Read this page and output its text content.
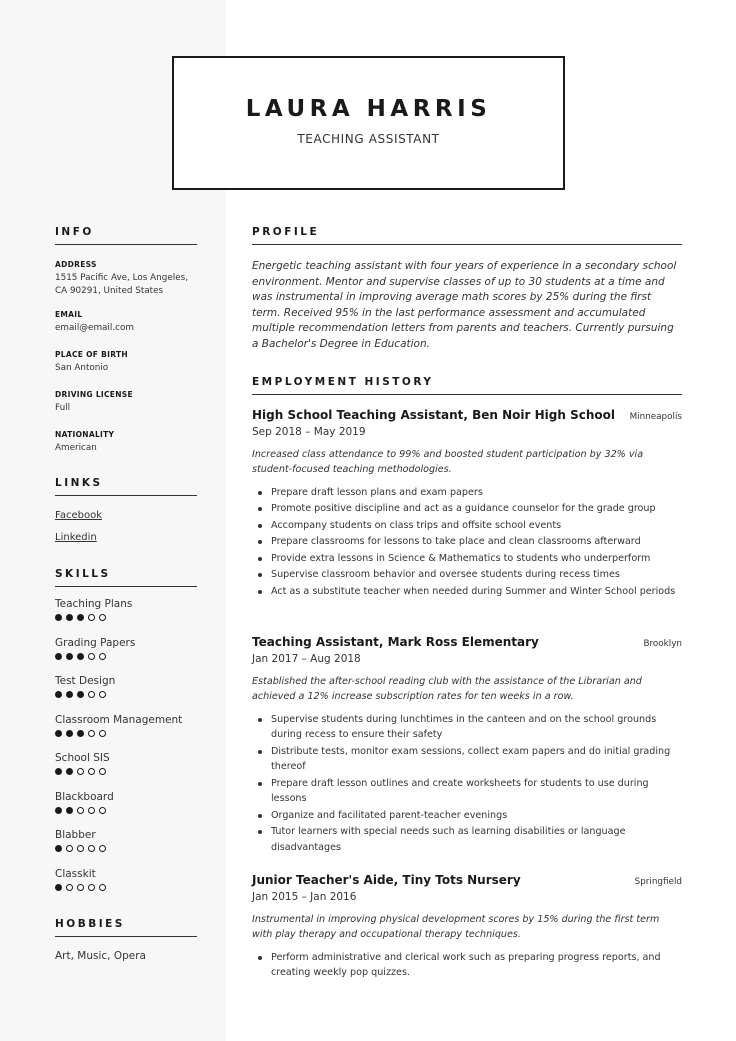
LAURA HARRIS
TEACHING ASSISTANT
INFO
ADDRESS
1515 Pacific Ave, Los Angeles, CA 90291, United States
EMAIL
email@email.com
PLACE OF BIRTH
San Antonio
DRIVING LICENSE
Full
NATIONALITY
American
LINKS
Facebook
Linkedin
SKILLS
Teaching Plans
Grading Papers
Test Design
Classroom Management
School SIS
Blackboard
Blabber
Classkit
HOBBIES
Art, Music, Opera
PROFILE
Energetic teaching assistant with four years of experience in a secondary school environment. Mentor and supervise classes of up to 30 students at a time and was instrumental in improving average math scores by 25% during the first term. Received 95% in the last performance assessment and accumulated multiple recommendation letters from parents and teachers. Currently pursuing a Bachelor's Degree in Education.
EMPLOYMENT HISTORY
High School Teaching Assistant, Ben Noir High School Minneapolis
Sep 2018 – May 2019
Increased class attendance to 99% and boosted student participation by 32% via student-focused teaching methodologies.
Prepare draft lesson plans and exam papers
Promote positive discipline and act as a guidance counselor for the grade group
Accompany students on class trips and offsite school events
Prepare classrooms for lessons to take place and clean classrooms afterward
Provide extra lessons in Science & Mathematics to students who underperform
Supervise classroom behavior and oversee students during recess times
Act as a substitute teacher when needed during Summer and Winter School periods
Teaching Assistant, Mark Ross Elementary	Brooklyn
Jan 2017 – Aug 2018
Established the after-school reading club with the assistance of the Librarian and achieved a 12% increase subscription rates for ten weeks in a row.
Supervise students during lunchtimes in the canteen and on the school grounds during recess to ensure their safety
Distribute tests, monitor exam sessions, collect exam papers and do initial grading thereof
Prepare draft lesson outlines and create worksheets for students to use during lessons
Organize and facilitated parent-teacher evenings
Tutor learners with special needs such as learning disabilities or language disadvantages
Junior Teacher's Aide, Tiny Tots Nursery	Springfield
Jan 2015 – Jan 2016
Instrumental in improving physical development scores by 15% during the first term with play therapy and occupational therapy techniques.
Perform administrative and clerical work such as preparing progress reports, and creating weekly pop quizzes.
